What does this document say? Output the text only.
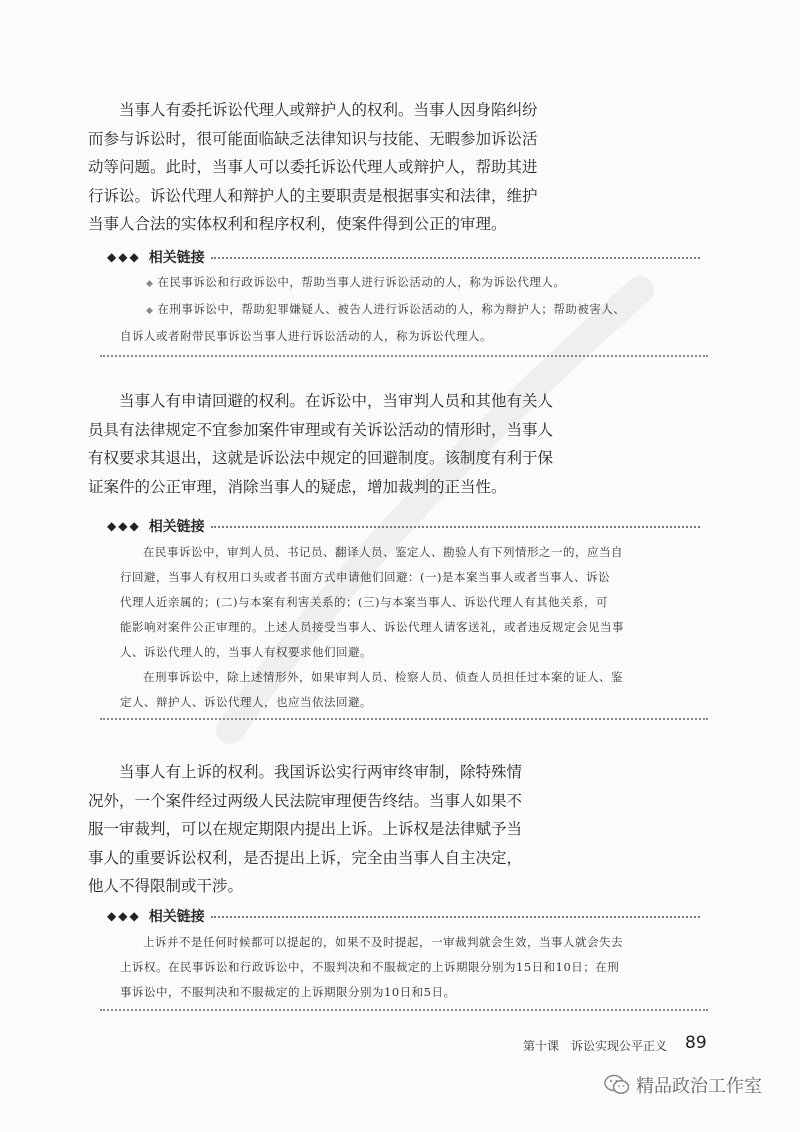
当事人有委托诉讼代理人或辩护人的权利。当事人因身陷纠纷
而参与诉讼时，很可能面临缺乏法律知识与技能、无暇参加诉讼活
动等问题。此时，当事人可以委托诉讼代理人或辩护人，帮助其进
行诉讼。诉讼代理人和辩护人的主要职责是根据事实和法律，维护
当事人合法的实体权利和程序权利，使案件得到公正的审理。
◆◆◆ 相关链接
◆ 在民事诉讼和行政诉讼中，帮助当事人进行诉讼活动的人，称为诉讼代理人。
◆ 在刑事诉讼中，帮助犯罪嫌疑人、被告人进行诉讼活动的人，称为辩护人；帮助被害人、
自诉人或者附带民事诉讼当事人进行诉讼活动的人，称为诉讼代理人。
当事人有申请回避的权利。在诉讼中，当审判人员和其他有关人
员具有法律规定不宜参加案件审理或有关诉讼活动的情形时，当事人
有权要求其退出，这就是诉讼法中规定的回避制度。该制度有利于保
证案件的公正审理，消除当事人的疑虑，增加裁判的正当性。
◆◆◆ 相关链接
在民事诉讼中，审判人员、书记员、翻译人员、鉴定人、勘验人有下列情形之一的，应当自
行回避，当事人有权用口头或者书面方式申请他们回避：(一)是本案当事人或者当事人、诉讼
代理人近亲属的；(二)与本案有利害关系的；(三)与本案当事人、诉讼代理人有其他关系，可
能影响对案件公正审理的。上述人员接受当事人、诉讼代理人请客送礼，或者违反规定会见当事
人、诉讼代理人的，当事人有权要求他们回避。
在刑事诉讼中，除上述情形外，如果审判人员、检察人员、侦查人员担任过本案的证人、鉴
定人、辩护人、诉讼代理人，也应当依法回避。
当事人有上诉的权利。我国诉讼实行两审终审制，除特殊情
况外，一个案件经过两级人民法院审理便告终结。当事人如果不
服一审裁判，可以在规定期限内提出上诉。上诉权是法律赋予当
事人的重要诉讼权利，是否提出上诉，完全由当事人自主决定，
他人不得限制或干涉。
◆◆◆ 相关链接
上诉并不是任何时候都可以提起的，如果不及时提起，一审裁判就会生效，当事人就会失去
上诉权。在民事诉讼和行政诉讼中，不服判决和不服裁定的上诉期限分别为15日和10日；在刑
事诉讼中，不服判决和不服裁定的上诉期限分别为10日和5日。
第十课　诉讼实现公平正义 89
精品政治工作室
